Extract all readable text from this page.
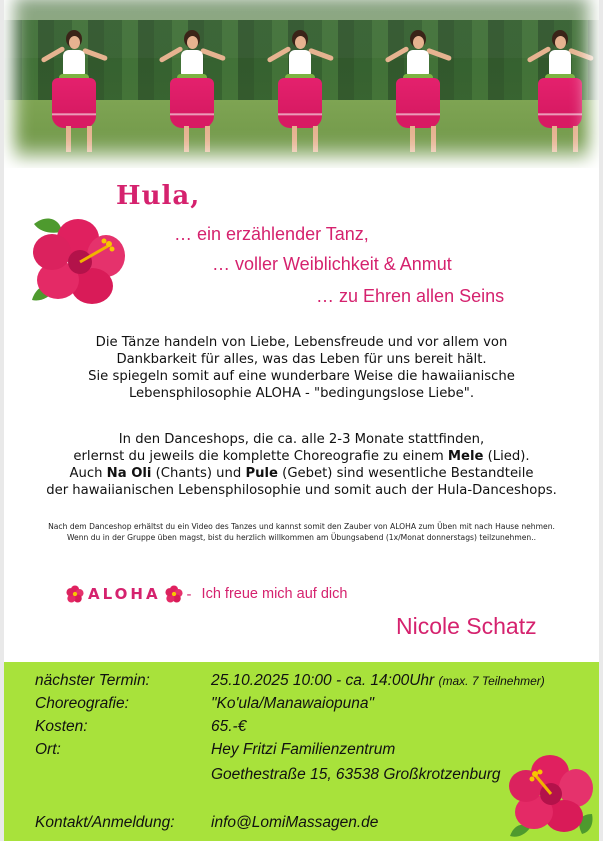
Hula,
… ein erzählender Tanz,
… voller Weiblichkeit & Anmut
… zu Ehren allen Seins
Die Tänze handeln von Liebe, Lebensfreude und vor allem von
Dankbarkeit für alles, was das Leben für uns bereit hält.
Sie spiegeln somit auf eine wunderbare Weise die hawaiianische
Lebensphilosophie ALOHA - "bedingungslose Liebe".
In den Danceshops, die ca. alle 2-3 Monate stattfinden,
erlernst du jeweils die komplette Choreografie zu einem Mele (Lied).
Auch Na Oli (Chants) und Pule (Gebet) sind wesentliche Bestandteile
der hawaiianischen Lebensphilosophie und somit auch der Hula-Danceshops.
Nach dem Danceshop erhältst du ein Video des Tanzes und kannst somit den Zauber von ALOHA zum Üben mit nach Hause nehmen.
Wenn du in der Gruppe üben magst, bist du herzlich willkommen am Übungsabend (1x/Monat donnerstags) teilzunehmen..
ALOHA - Ich freue mich auf dich
Nicole Schatz
nächster Termin:	25.10.2025 10:00 - ca. 14:00Uhr (max. 7 Teilnehmer)
Choreografie:	"Ko'ula/Manawaiopuna"
Kosten:	65.-€
Ort:	Hey Fritzi Familienzentrum
Goethestraße 15, 63538 Großkrotzenburg
Kontakt/Anmeldung: info@LomiMassagen.de
